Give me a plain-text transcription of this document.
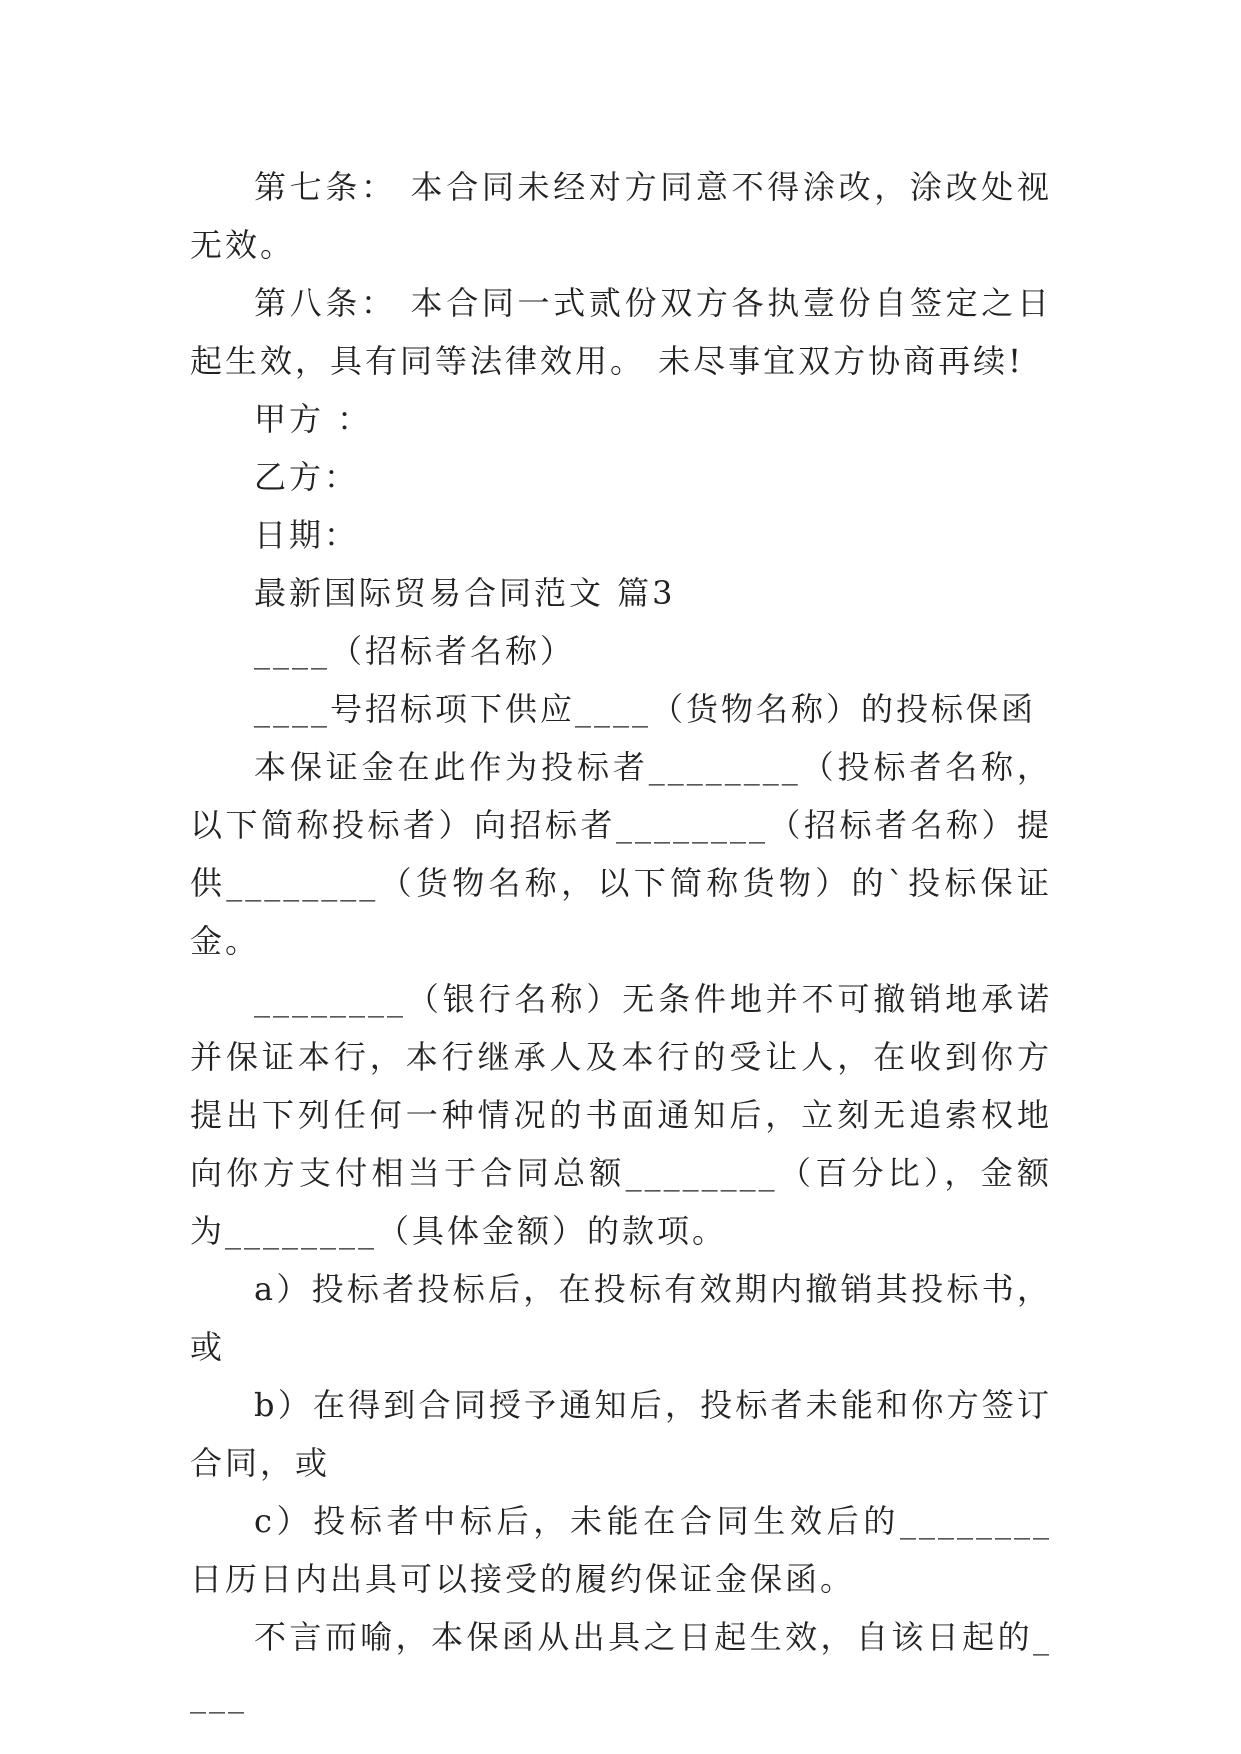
第七条： 本合同未经对方同意不得涂改，涂改处视无效。

第八条： 本合同一式贰份双方各执壹份自签定之日起生效，具有同等法律效用。 未尽事宜双方协商再续!

甲方 ：

乙方：

日期：

最新国际贸易合同范文 篇3

____（招标者名称）

____号招标项下供应____（货物名称）的投标保函

本保证金在此作为投标者________（投标者名称，以下简称投标者）向招标者________（招标者名称）提供________（货物名称，以下简称货物）的`投标保证金。

________（银行名称）无条件地并不可撤销地承诺并保证本行，本行继承人及本行的受让人，在收到你方提出下列任何一种情况的书面通知后，立刻无追索权地向你方支付相当于合同总额________（百分比），金额为________（具体金额）的款项。

a）投标者投标后，在投标有效期内撤销其投标书，或

b）在得到合同授予通知后，投标者未能和你方签订合同，或

c）投标者中标后，未能在合同生效后的________日历日内出具可以接受的履约保证金保函。

不言而喻，本保函从出具之日起生效，自该日起的____
